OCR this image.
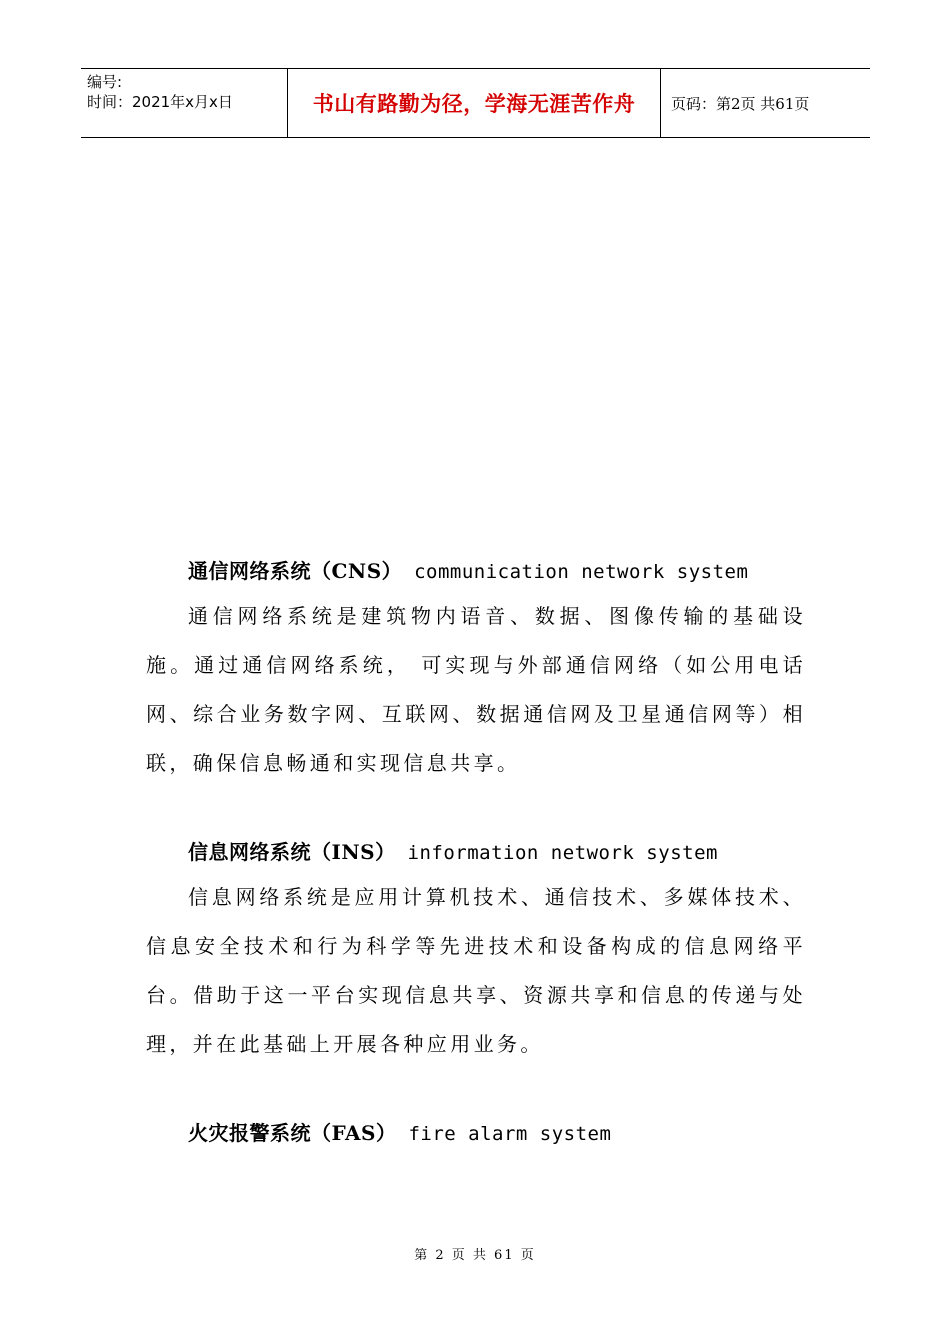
编号:
时间：2021年x月x日	书山有路勤为径，学海无涯苦作舟	页码：第2页 共61页
通信网络系统（CNS） communication network system
通信网络系统是建筑物内语音、数据、图像传输的基础设施。通过通信网络系统， 可实现与外部通信网络（如公用电话网、综合业务数字网、互联网、数据通信网及卫星通信网等）相联，确保信息畅通和实现信息共享。
信息网络系统（INS） information network system
信息网络系统是应用计算机技术、通信技术、多媒体技术、信息安全技术和行为科学等先进技术和设备构成的信息网络平台。借助于这一平台实现信息共享、资源共享和信息的传递与处理，并在此基础上开展各种应用业务。
火灾报警系统（FAS） fire alarm system
第 2 页 共 61 页
